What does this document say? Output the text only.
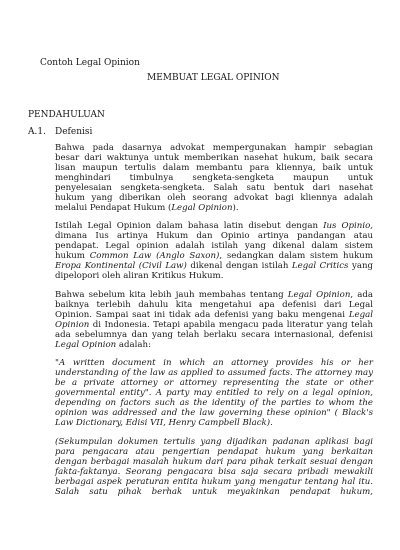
Contoh Legal Opinion
MEMBUAT LEGAL OPINION
PENDAHULUAN
A.1. Defenisi
Bahwa pada dasarnya advokat mempergunakan hampir sebagian
besar dari waktunya untuk memberikan nasehat hukum, baik secara
lisan maupun tertulis dalam membantu para kliennya, baik untuk
menghindari timbulnya sengketa-sengketa maupun untuk
penyelesaian sengketa-sengketa. Salah satu bentuk dari nasehat
hukum yang diberikan oleh seorang advokat bagi kliennya adalah
melalui Pendapat Hukum (Legal Opinion).
Istilah Legal Opinion dalam bahasa latin disebut dengan Ius Opinio,
dimana Ius artinya Hukum dan Opinio artinya pandangan atau
pendapat. Legal opinion adalah istilah yang dikenal dalam sistem
hukum Common Law (Anglo Saxon), sedangkan dalam sistem hukum
Eropa Kontinental (Civil Law) dikenal dengan istilah Legal Critics yang
dipelopori oleh aliran Kritikus Hukum.
Bahwa sebelum kita lebih jauh membahas tentang Legal Opinion, ada
baiknya terlebih dahulu kita mengetahui apa defenisi dari Legal
Opinion. Sampai saat ini tidak ada defenisi yang baku mengenai Legal
Opinion di Indonesia. Tetapi apabila mengacu pada literatur yang telah
ada sebelumnya dan yang telah berlaku secara internasional, defenisi
Legal Opinion adalah:
"A written document in which an attorney provides his or her
understanding of the law as applied to assumed facts. The attorney may
be a private attorney or attorney representing the state or other
governmental entity". A party may entitled to rely on a legal opinion,
depending on factors such as the identity of the parties to whom the
opinion was addressed and the law governing these opinion" ( Black's
Law Dictionary, Edisi VII, Henry Campbell Black).
(Sekumpulan dokumen tertulis yang dijadikan padanan aplikasi bagi
para pengacara atau pengertian pendapat hukum yang berkaitan
dengan berbagai masalah hukum dari para pihak terkait sesuai dengan
fakta-faktanya. Seorang pengacara bisa saja secara pribadi mewakili
berbagai aspek peraturan entita hukum yang mengatur tentang hal itu.
Salah satu pihak berhak untuk meyakinkan pendapat hukum,
